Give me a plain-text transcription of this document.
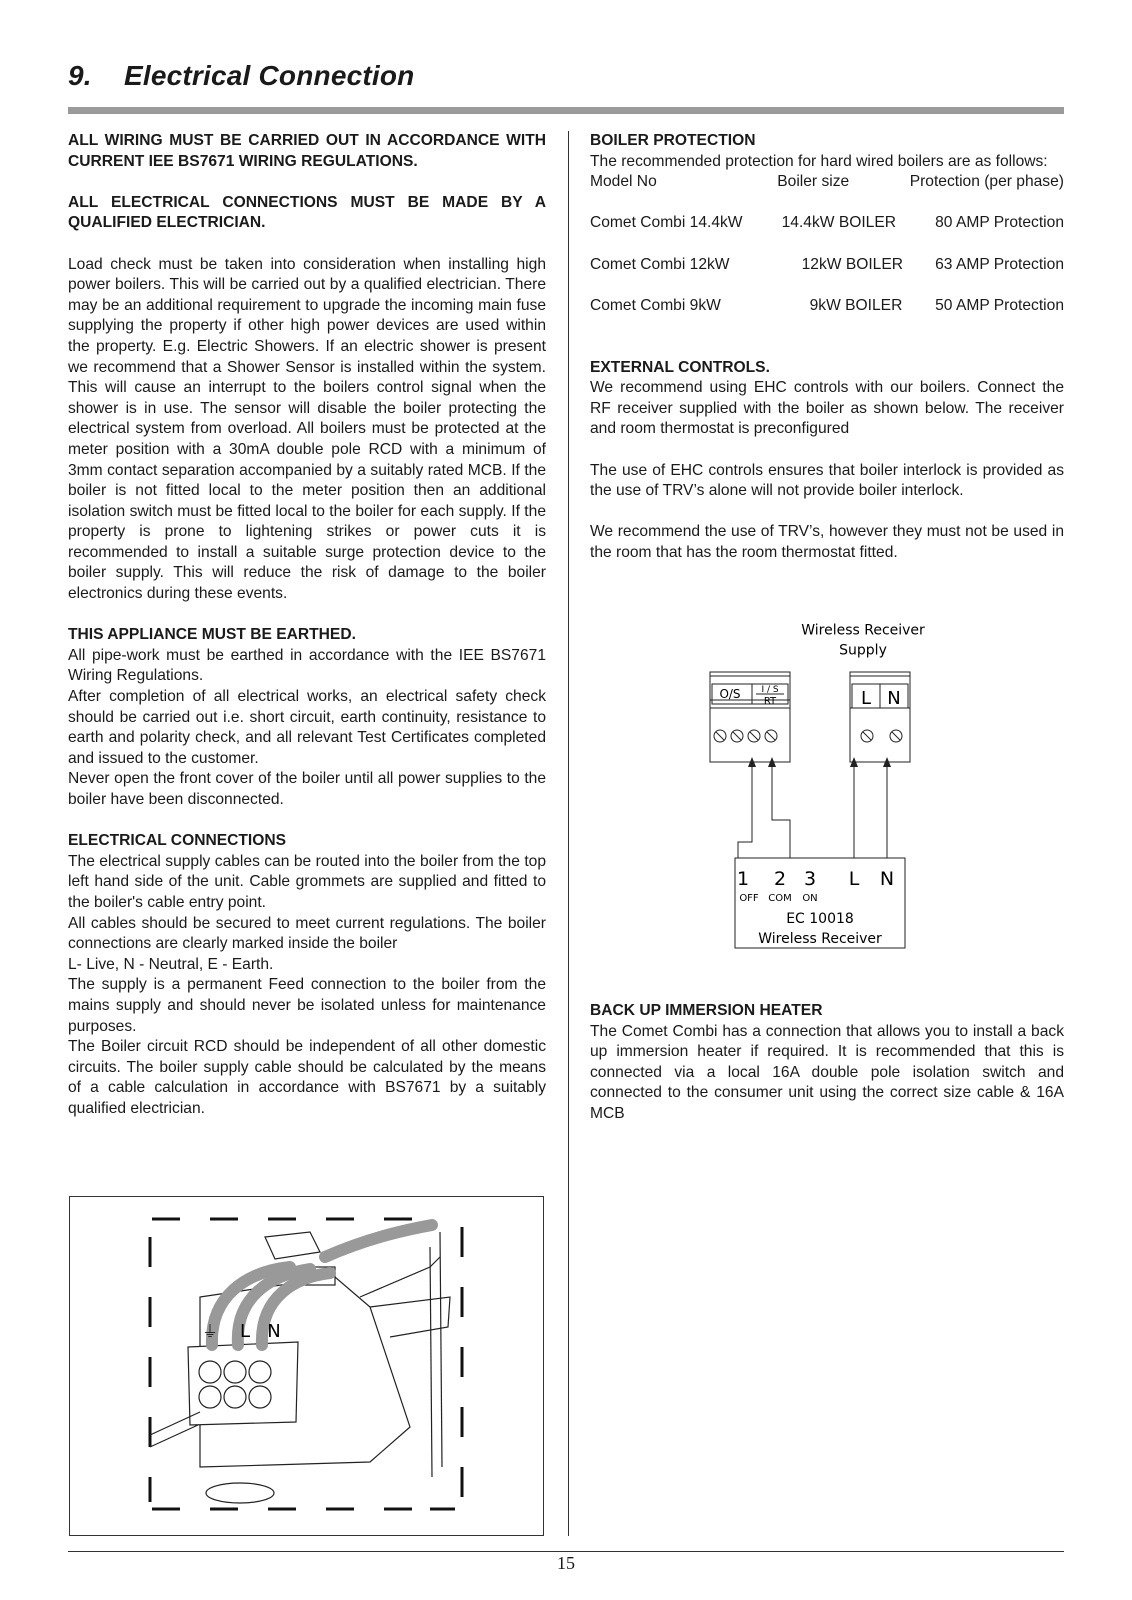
9. Electrical Connection
ALL WIRING MUST BE CARRIED OUT IN ACCORDANCE WITH CURRENT IEE BS7671 WIRING REGULATIONS.
ALL ELECTRICAL CONNECTIONS MUST BE MADE BY A QUALIFIED ELECTRICIAN.
Load check must be taken into consideration when installing high power boilers. This will be carried out by a qualified electrician. There may be an additional requirement to upgrade the incoming main fuse supplying the property if other high power devices are used within the property. E.g. Electric Showers. If an electric shower is present we recommend that a Shower Sensor is installed within the system. This will cause an interrupt to the boilers control signal when the shower is in use. The sensor will disable the boiler protecting the electrical system from overload. All boilers must be protected at the meter position with a 30mA double pole RCD with a minimum of 3mm contact separation accompanied by a suitably rated MCB. If the boiler is not fitted local to the meter position then an additional isolation switch must be fitted local to the boiler for each supply. If the property is prone to lightening strikes or power cuts it is recommended to install a suitable surge protection device to the boiler supply. This will reduce the risk of damage to the boiler electronics during these events.
THIS APPLIANCE MUST BE EARTHED.
All pipe-work must be earthed in accordance with the IEE BS7671 Wiring Regulations.
After completion of all electrical works, an electrical safety check should be carried out i.e. short circuit, earth continuity, resistance to earth and polarity check, and all relevant Test Certificates completed and issued to the customer.
Never open the front cover of the boiler until all power supplies to the boiler have been disconnected.
ELECTRICAL CONNECTIONS
The electrical supply cables can be routed into the boiler from the top left hand side of the unit. Cable grommets are supplied and fitted to the boiler's cable entry point.
All cables should be secured to meet current regulations. The boiler connections are clearly marked inside the boiler
L- Live, N - Neutral, E - Earth.
The supply is a permanent Feed connection to the boiler from the mains supply and should never be isolated unless for maintenance purposes.
The Boiler circuit RCD should be independent of all other domestic circuits. The boiler supply cable should be calculated by the means of a cable calculation in accordance with BS7671 by a suitably qualified electrician.
BOILER PROTECTION
The recommended protection for hard wired boilers are as follows:
Model No	Boiler size	Protection (per phase)
Comet Combi 14.4kW	14.4kW BOILER	80 AMP Protection
Comet Combi 12kW	12kW BOILER 63 AMP Protection
Comet Combi 9kW	9kW BOILER 50 AMP Protection
EXTERNAL CONTROLS.
We recommend using EHC controls with our boilers. Connect the RF receiver supplied with the boiler as shown below. The receiver and room thermostat is preconfigured
The use of EHC controls ensures that boiler interlock is provided as the use of TRV’s alone will not provide boiler interlock.
We recommend the use of TRV’s, however they must not be used in the room that has the room thermostat fitted.
Wireless Receiver
Supply
O/S I / S
RT	L N
1 2 3 L N
OFF COM ON
EC 10018
Wireless Receiver
BACK UP IMMERSION HEATER
The Comet Combi has a connection that allows you to install a back up immersion heater if required. It is recommended that this is connected via a local 16A double pole isolation switch and connected to the consumer unit using the correct size cable & 16A MCB
⏚ L N
15
